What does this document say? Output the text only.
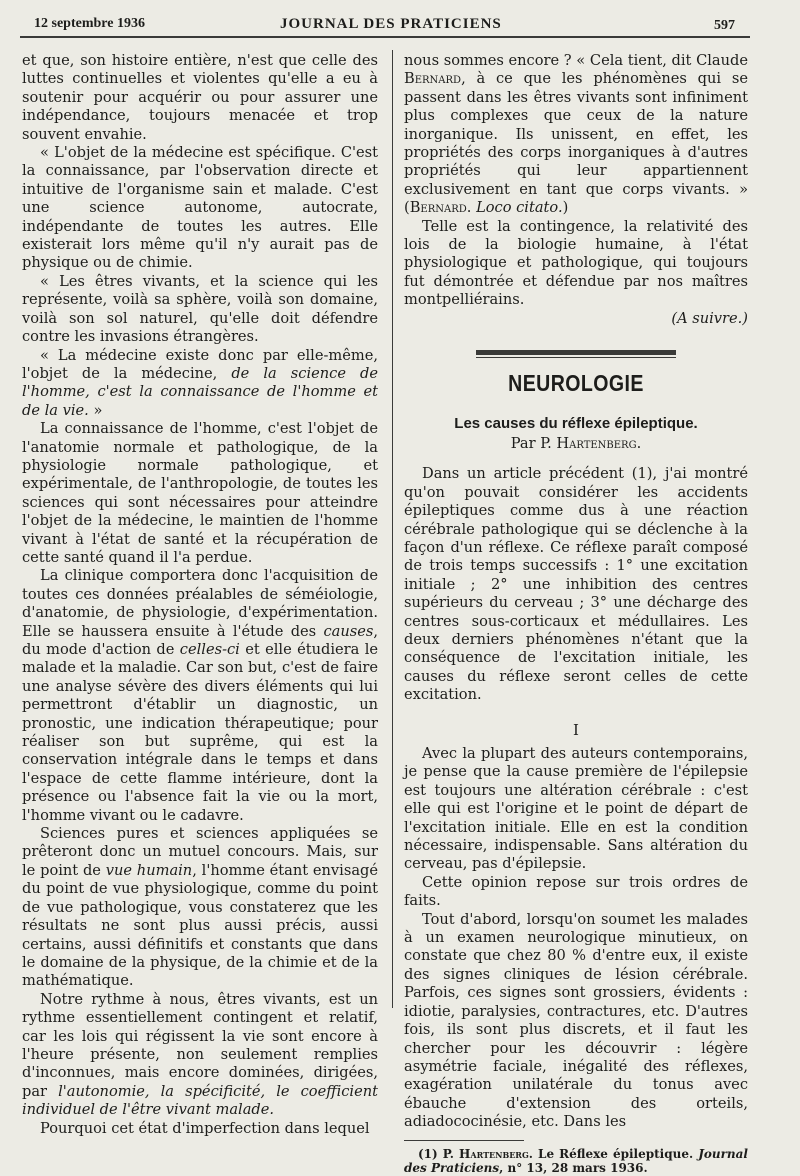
12 septembre 1936	JOURNAL DES PRATICIENS	597

et que, son histoire entière, n'est que celle des luttes continuelles et violentes qu'elle a eu à soutenir pour acquérir ou pour assurer une indépendance, toujours menacée et trop souvent envahie.

« L'objet de la médecine est spécifique. C'est la connaissance, par l'observation directe et intuitive de l'organisme sain et malade. C'est une science autonome, autocrate, indépendante de toutes les autres. Elle existerait lors même qu'il n'y aurait pas de physique ou de chimie.

« Les êtres vivants, et la science qui les représente, voilà sa sphère, voilà son domaine, voilà son sol naturel, qu'elle doit défendre contre les invasions étrangères.

« La médecine existe donc par elle-même, l'objet de la médecine, de la science de l'homme, c'est la connaissance de l'homme et de la vie. »

La connaissance de l'homme, c'est l'objet de l'anatomie normale et pathologique, de la physiologie normale pathologique, et expérimentale, de l'anthropologie, de toutes les sciences qui sont nécessaires pour atteindre l'objet de la médecine, le maintien de l'homme vivant à l'état de santé et la récupération de cette santé quand il l'a perdue.

La clinique comportera donc l'acquisition de toutes ces données préalables de séméiologie, d'anatomie, de physiologie, d'expérimentation. Elle se haussera ensuite à l'étude des causes, du mode d'action de celles-ci et elle étudiera le malade et la maladie. Car son but, c'est de faire une analyse sévère des divers éléments qui lui permettront d'établir un diagnostic, un pronostic, une indication thérapeutique; pour réaliser son but suprême, qui est la conservation intégrale dans le temps et dans l'espace de cette flamme intérieure, dont la présence ou l'absence fait la vie ou la mort, l'homme vivant ou le cadavre.

Sciences pures et sciences appliquées se prêteront donc un mutuel concours. Mais, sur le point de vue humain, l'homme étant envisagé du point de vue physiologique, comme du point de vue pathologique, vous constaterez que les résultats ne sont plus aussi précis, aussi certains, aussi définitifs et constants que dans le domaine de la physique, de la chimie et de la mathématique.

Notre rythme à nous, êtres vivants, est un rythme essentiellement contingent et relatif, car les lois qui régissent la vie sont encore à l'heure présente, non seulement remplies d'inconnues, mais encore dominées, dirigées, par l'autonomie, la spécificité, le coefficient individuel de l'être vivant malade.

Pourquoi cet état d'imperfection dans lequel

nous sommes encore ? « Cela tient, dit Claude Bernard, à ce que les phénomènes qui se passent dans les êtres vivants sont infiniment plus complexes que ceux de la nature inorganique. Ils unissent, en effet, les propriétés des corps inorganiques à d'autres propriétés qui leur appartiennent exclusivement en tant que corps vivants. » (Bernard. Loco citato.)

Telle est la contingence, la relativité des lois de la biologie humaine, à l'état physiologique et pathologique, qui toujours fut démontrée et défendue par nos maîtres montpelliérains.

(A suivre.)

NEUROLOGIE
Les causes du réflexe épileptique.
Par P. Hartenberg.

Dans un article précédent (1), j'ai montré qu'on pouvait considérer les accidents épileptiques comme dus à une réaction cérébrale pathologique qui se déclenche à la façon d'un réflexe. Ce réflexe paraît composé de trois temps successifs : 1° une excitation initiale ; 2° une inhibition des centres supérieurs du cerveau ; 3° une décharge des centres sous-corticaux et médullaires. Les deux derniers phénomènes n'étant que la conséquence de l'excitation initiale, les causes du réflexe seront celles de cette excitation.

I

Avec la plupart des auteurs contemporains, je pense que la cause première de l'épilepsie est toujours une altération cérébrale : c'est elle qui est l'origine et le point de départ de l'excitation initiale. Elle en est la condition nécessaire, indispensable. Sans altération du cerveau, pas d'épilepsie.

Cette opinion repose sur trois ordres de faits.

Tout d'abord, lorsqu'on soumet les malades à un examen neurologique minutieux, on constate que chez 80 % d'entre eux, il existe des signes cliniques de lésion cérébrale. Parfois, ces signes sont grossiers, évidents : idiotie, paralysies, contractures, etc. D'autres fois, ils sont plus discrets, et il faut les chercher pour les découvrir : légère asymétrie faciale, inégalité des réflexes, exagération unilatérale du tonus avec ébauche d'extension des orteils, adiadococinésie, etc. Dans les

(1) P. Hartenberg. Le Réflexe épileptique. Journal des Praticiens, n° 13, 28 mars 1936.
